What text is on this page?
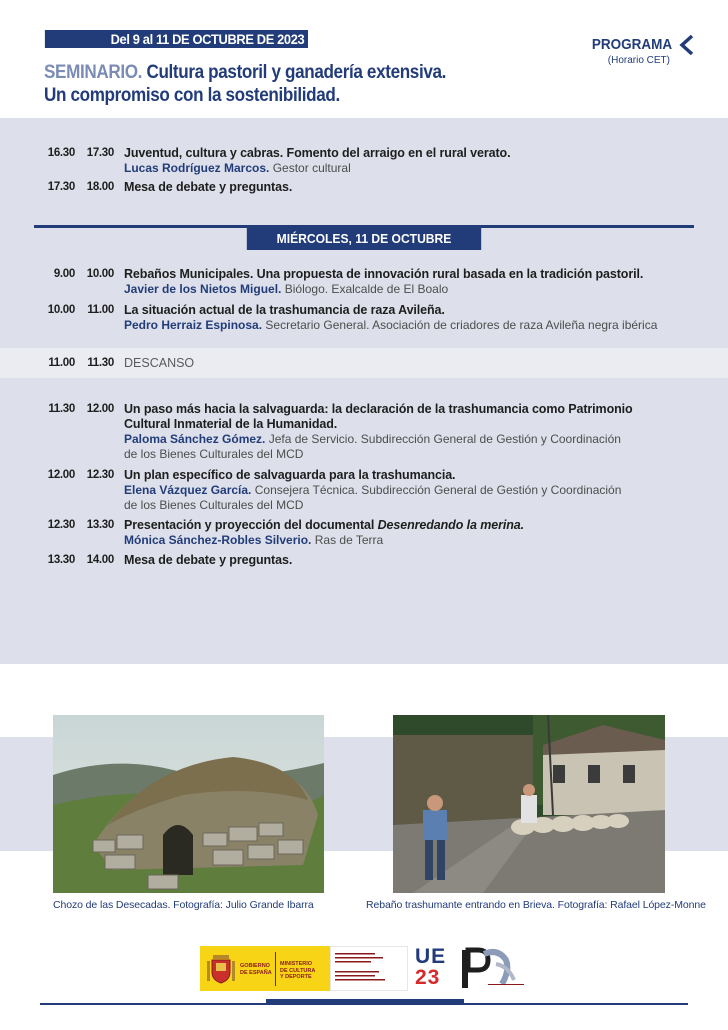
Del 9 al 11 DE OCTUBRE DE 2023
SEMINARIO. Cultura pastoril y ganadería extensiva.
Un compromiso con la sostenibilidad.
PROGRAMA
(Horario CET)
16.30	17.30 Juventud, cultura y cabras. Fomento del arraigo en el rural verato.
Lucas Rodríguez Marcos. Gestor cultural
17.30	18.00 Mesa de debate y preguntas.
MIÉRCOLES, 11 DE OCTUBRE
9.00	10.00 Rebaños Municipales. Una propuesta de innovación rural basada en la tradición pastoril.
Javier de los Nietos Miguel. Biólogo. Exalcalde de El Boalo
10.00	11.00 La situación actual de la trashumancia de raza Avileña.
Pedro Herraiz Espinosa. Secretario General. Asociación de criadores de raza Avileña negra ibérica
11.00	11.30 DESCANSO
11.30	12.00 Un paso más hacia la salvaguarda: la declaración de la trashumancia como Patrimonio
Cultural Inmaterial de la Humanidad.
Paloma Sánchez Gómez. Jefa de Servicio. Subdirección General de Gestión y Coordinación
de los Bienes Culturales del MCD
12.00	12.30 Un plan específico de salvaguarda para la trashumancia.
Elena Vázquez García. Consejera Técnica. Subdirección General de Gestión y Coordinación
de los Bienes Culturales del MCD
12.30	13.30 Presentación y proyección del documental Desenredando la merina.
Mónica Sánchez-Robles Silverio. Ras de Terra
13.30	14.00 Mesa de debate y preguntas.
Chozo de las Desecadas. Fotografía: Julio Grande Ibarra	Rebaño trashumante entrando en Brieva. Fotografía: Rafael López-Monne
GOBIERNO
DE ESPAÑA
MINISTERIO
DE CULTURA
Y DEPORTE
UE
23
